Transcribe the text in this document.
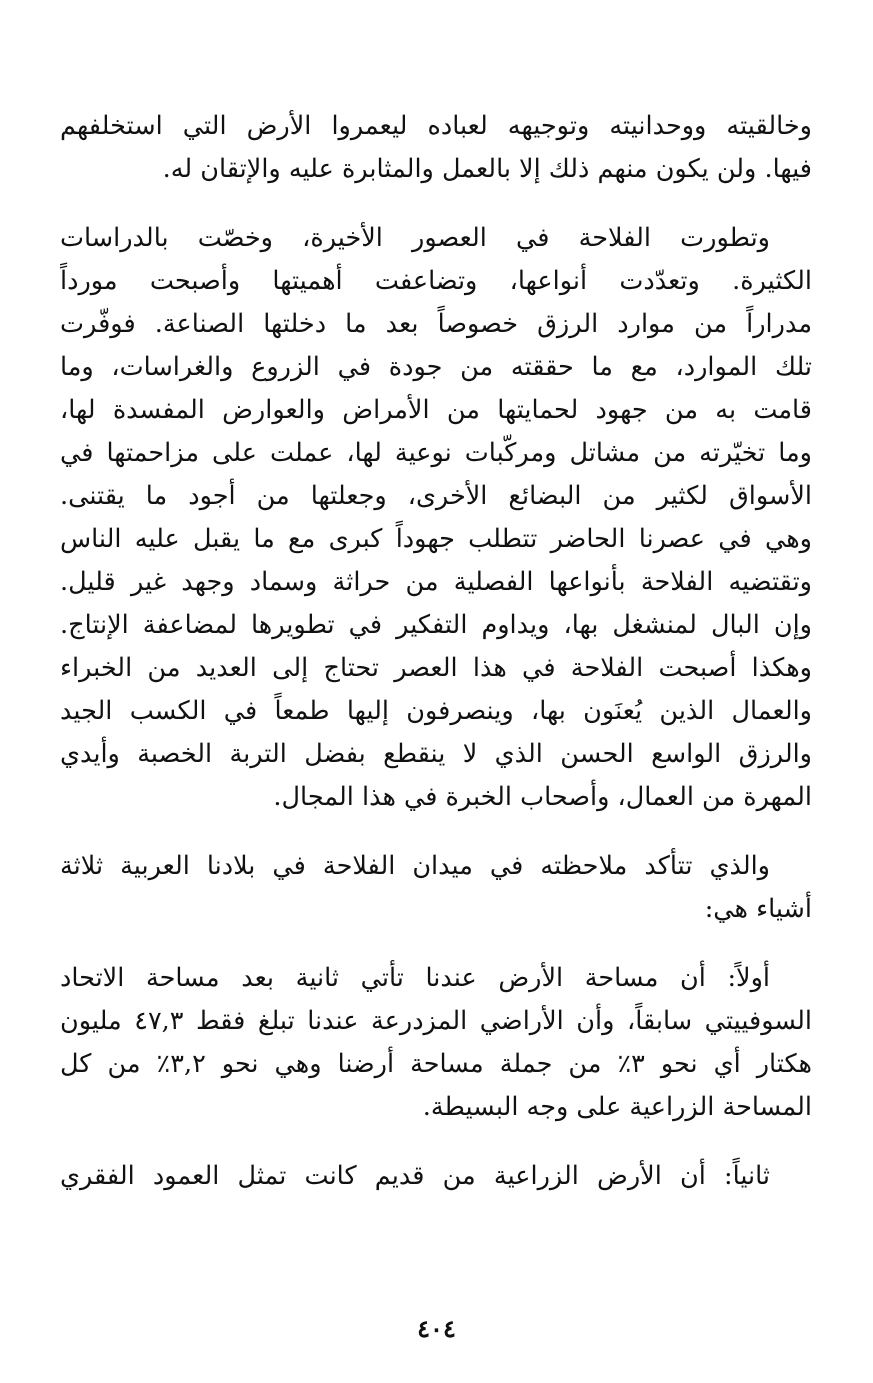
وخالقيته ووحدانيته وتوجيهه لعباده ليعمروا الأرض التي استخلفهم
فيها. ولن يكون منهم ذلك إلا بالعمل والمثابرة عليه والإتقان له.
وتطورت الفلاحة في العصور الأخيرة، وخصّت بالدراسات
الكثيرة. وتعدّدت أنواعها، وتضاعفت أهميتها وأصبحت مورداً
مدراراً من موارد الرزق خصوصاً بعد ما دخلتها الصناعة. فوفّرت
تلك الموارد، مع ما حققته من جودة في الزروع والغراسات، وما
قامت به من جهود لحمايتها من الأمراض والعوارض المفسدة لها،
وما تخيّرته من مشاتل ومركّبات نوعية لها، عملت على مزاحمتها في
الأسواق لكثير من البضائع الأخرى، وجعلتها من أجود ما يقتنى.
وهي في عصرنا الحاضر تتطلب جهوداً كبرى مع ما يقبل عليه الناس
وتقتضيه الفلاحة بأنواعها الفصلية من حراثة وسماد وجهد غير قليل.
وإن البال لمنشغل بها، ويداوم التفكير في تطويرها لمضاعفة الإنتاج.
وهكذا أصبحت الفلاحة في هذا العصر تحتاج إلى العديد من الخبراء
والعمال الذين يُعنَون بها، وينصرفون إليها طمعاً في الكسب الجيد
والرزق الواسع الحسن الذي لا ينقطع بفضل التربة الخصبة وأيدي
المهرة من العمال، وأصحاب الخبرة في هذا المجال.
والذي تتأكد ملاحظته في ميدان الفلاحة في بلادنا العربية ثلاثة
أشياء هي:
أولاً: أن مساحة الأرض عندنا تأتي ثانية بعد مساحة الاتحاد
السوفييتي سابقاً، وأن الأراضي المزدرعة عندنا تبلغ فقط ٤٧,٣ مليون
هكتار أي نحو ٣٪ من جملة مساحة أرضنا وهي نحو ٣,٢٪ من كل
المساحة الزراعية على وجه البسيطة.
ثانياً: أن الأرض الزراعية من قديم كانت تمثل العمود الفقري
٤٠٤
